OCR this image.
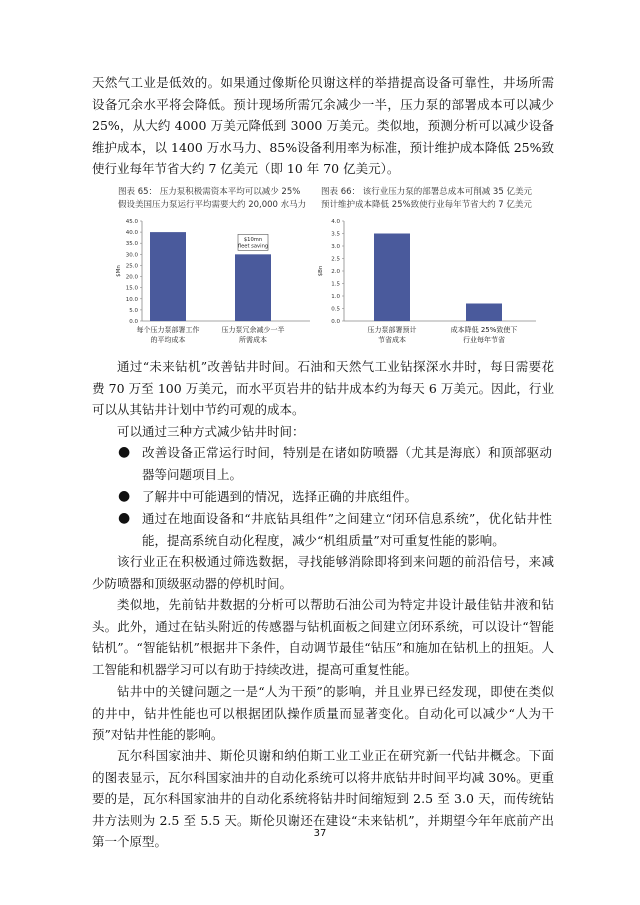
天然气工业是低效的。如果通过像斯伦贝谢这样的举措提高设备可靠性，井场所需设备冗余水平将会降低。预计现场所需冗余减少一半，压力泵的部署成本可以减少 25%，从大约 4000 万美元降低到 3000 万美元。类似地，预测分析可以减少设备维护成本，以 1400 万水马力、85%设备利用率为标准，预计维护成本降低 25%致使行业每年节省大约 7 亿美元（即 10 年 70 亿美元）。
图表 65： 压力泵积极需资本平均可以减少 25%
假设美国压力泵运行平均需要大约 20,000 水马力
0.0
5.0
10.0
15.0
20.0
25.0
30.0
35.0
40.0
45.0
$Mn
每个压力泵部署工作
的平均成本
压力泵冗余减少一半
所需成本
$10mn
fleet saving
图表 66： 该行业压力泵的部署总成本可削减 35 亿美元
预计维护成本降低 25%致使行业每年节省大约 7 亿美元
0.0
0.5
1.0
1.5
2.0
2.5
3.0
3.5
4.0
$Bn
压力泵部署预计
节省成本
成本降低 25%致使下
行业每年节省
通过“未来钻机”改善钻井时间。石油和天然气工业钻探深水井时，每日需要花费 70 万至 100 万美元，而水平页岩井的钻井成本约为每天 6 万美元。因此，行业可以从其钻井计划中节约可观的成本。
可以通过三种方式减少钻井时间：
● 改善设备正常运行时间，特别是在诸如防喷器（尤其是海底）和顶部驱动器等问题项目上。
● 了解井中可能遇到的情况，选择正确的井底组件。
● 通过在地面设备和“井底钻具组件”之间建立“闭环信息系统”，优化钻井性能，提高系统自动化程度，减少“机组质量”对可重复性能的影响。
该行业正在积极通过筛选数据，寻找能够消除即将到来问题的前沿信号，来减少防喷器和顶级驱动器的停机时间。
类似地，先前钻井数据的分析可以帮助石油公司为特定井设计最佳钻井液和钻头。此外，通过在钻头附近的传感器与钻机面板之间建立闭环系统，可以设计“智能钻机”。“智能钻机”根据井下条件，自动调节最佳“钻压”和施加在钻机上的扭矩。人工智能和机器学习可以有助于持续改进，提高可重复性能。
钻井中的关键问题之一是“人为干预”的影响，并且业界已经发现，即使在类似的井中，钻井性能也可以根据团队操作质量而显著变化。自动化可以减少“人为干预”对钻井性能的影响。
瓦尔科国家油井、斯伦贝谢和纳伯斯工业工业正在研究新一代钻井概念。下面的图表显示，瓦尔科国家油井的自动化系统可以将井底钻井时间平均减 30%。更重要的是，瓦尔科国家油井的自动化系统将钻井时间缩短到 2.5 至 3.0 天，而传统钻井方法则为 2.5 至 5.5 天。斯伦贝谢还在建设“未来钻机”，并期望今年年底前产出第一个原型。
37
